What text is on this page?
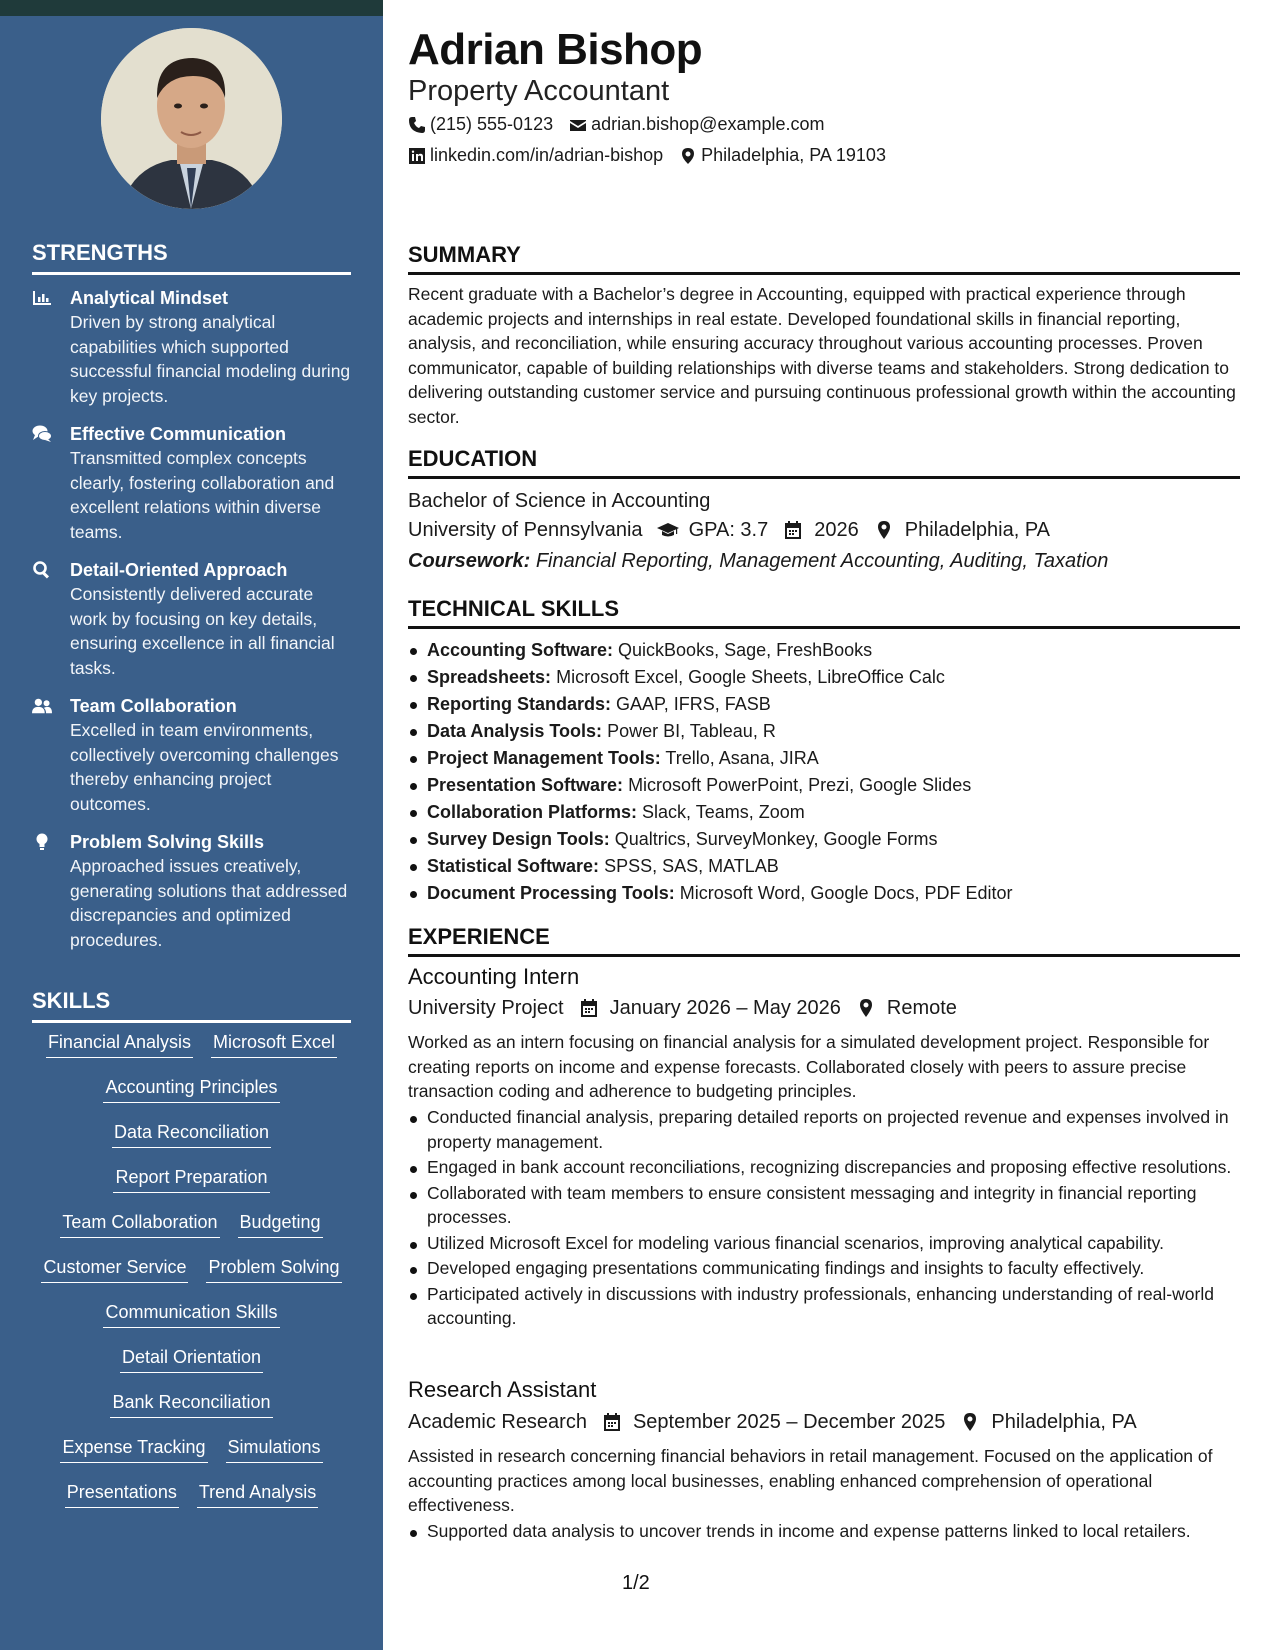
STRENGTHS
Analytical Mindset
Driven by strong analytical capabilities which supported successful financial modeling during key projects.
Effective Communication
Transmitted complex concepts clearly, fostering collaboration and excellent relations within diverse teams.
Detail-Oriented Approach
Consistently delivered accurate work by focusing on key details, ensuring excellence in all financial tasks.
Team Collaboration
Excelled in team environments, collectively overcoming challenges thereby enhancing project outcomes.
Problem Solving Skills
Approached issues creatively, generating solutions that addressed discrepancies and optimized procedures.
SKILLS
Financial Analysis Microsoft Excel
Accounting Principles
Data Reconciliation
Report Preparation
Team Collaboration Budgeting
Customer Service Problem Solving
Communication Skills
Detail Orientation
Bank Reconciliation
Expense Tracking Simulations
Presentations Trend Analysis
Adrian Bishop
Property Accountant
(215) 555-0123 adrian.bishop@example.com
linkedin.com/in/adrian-bishop Philadelphia, PA 19103
SUMMARY
Recent graduate with a Bachelor’s degree in Accounting, equipped with practical experience through academic projects and internships in real estate. Developed foundational skills in financial reporting, analysis, and reconciliation, while ensuring accuracy throughout various accounting processes. Proven communicator, capable of building relationships with diverse teams and stakeholders. Strong dedication to delivering outstanding customer service and pursuing continuous professional growth within the accounting sector.
EDUCATION
Bachelor of Science in Accounting
University of Pennsylvania GPA: 3.7 2026 Philadelphia, PA
Coursework: Financial Reporting, Management Accounting, Auditing, Taxation
TECHNICAL SKILLS
Accounting Software: QuickBooks, Sage, FreshBooks
Spreadsheets: Microsoft Excel, Google Sheets, LibreOffice Calc
Reporting Standards: GAAP, IFRS, FASB
Data Analysis Tools: Power BI, Tableau, R
Project Management Tools: Trello, Asana, JIRA
Presentation Software: Microsoft PowerPoint, Prezi, Google Slides
Collaboration Platforms: Slack, Teams, Zoom
Survey Design Tools: Qualtrics, SurveyMonkey, Google Forms
Statistical Software: SPSS, SAS, MATLAB
Document Processing Tools: Microsoft Word, Google Docs, PDF Editor
EXPERIENCE
Accounting Intern
University Project January 2026 – May 2026 Remote
Worked as an intern focusing on financial analysis for a simulated development project. Responsible for creating reports on income and expense forecasts. Collaborated closely with peers to assure precise transaction coding and adherence to budgeting principles.
Conducted financial analysis, preparing detailed reports on projected revenue and expenses involved in property management.
Engaged in bank account reconciliations, recognizing discrepancies and proposing effective resolutions.
Collaborated with team members to ensure consistent messaging and integrity in financial reporting processes.
Utilized Microsoft Excel for modeling various financial scenarios, improving analytical capability.
Developed engaging presentations communicating findings and insights to faculty effectively.
Participated actively in discussions with industry professionals, enhancing understanding of real-world accounting.
Research Assistant
Academic Research September 2025 – December 2025 Philadelphia, PA
Assisted in research concerning financial behaviors in retail management. Focused on the application of accounting practices among local businesses, enabling enhanced comprehension of operational effectiveness.
Supported data analysis to uncover trends in income and expense patterns linked to local retailers.
1/2
